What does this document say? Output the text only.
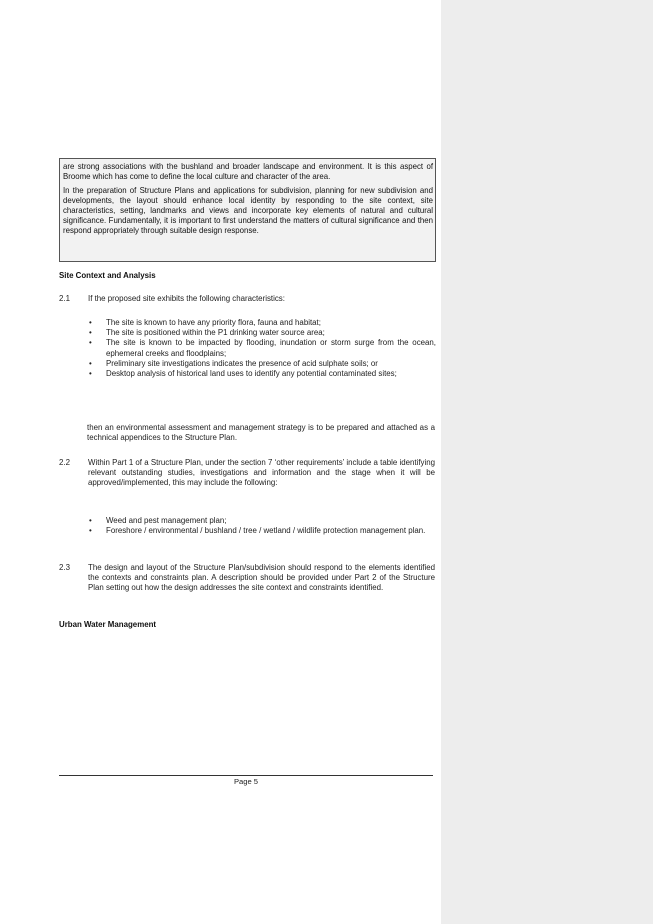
are strong associations with the bushland and broader landscape and environment. It is this aspect of Broome which has come to define the local culture and character of the area.

In the preparation of Structure Plans and applications for subdivision, planning for new subdivision and developments, the layout should enhance local identity by responding to the site context, site characteristics, setting, landmarks and views and incorporate key elements of natural and cultural significance. Fundamentally, it is important to first understand the matters of cultural significance and then respond appropriately through suitable design response.

Site Context and Analysis
2.1 If the proposed site exhibits the following characteristics:
• The site is known to have any priority flora, fauna and habitat;
• The site is positioned within the P1 drinking water source area;
• The site is known to be impacted by flooding, inundation or storm surge from the ocean, ephemeral creeks and floodplains;
• Preliminary site investigations indicates the presence of acid sulphate soils; or
• Desktop analysis of historical land uses to identify any potential contaminated sites;
then an environmental assessment and management strategy is to be prepared and attached as a technical appendices to the Structure Plan.
2.2 Within Part 1 of a Structure Plan, under the section 7 ‘other requirements’ include a table identifying relevant outstanding studies, investigations and information and the stage when it will be approved/implemented, this may include the following:
• Weed and pest management plan;
• Foreshore / environmental / bushland / tree / wetland / wildlife protection management plan.
2.3 The design and layout of the Structure Plan/subdivision should respond to the elements identified the contexts and constraints plan. A description should be provided under Part 2 of the Structure Plan setting out how the design addresses the site context and constraints identified.
Urban Water Management
Page 5
